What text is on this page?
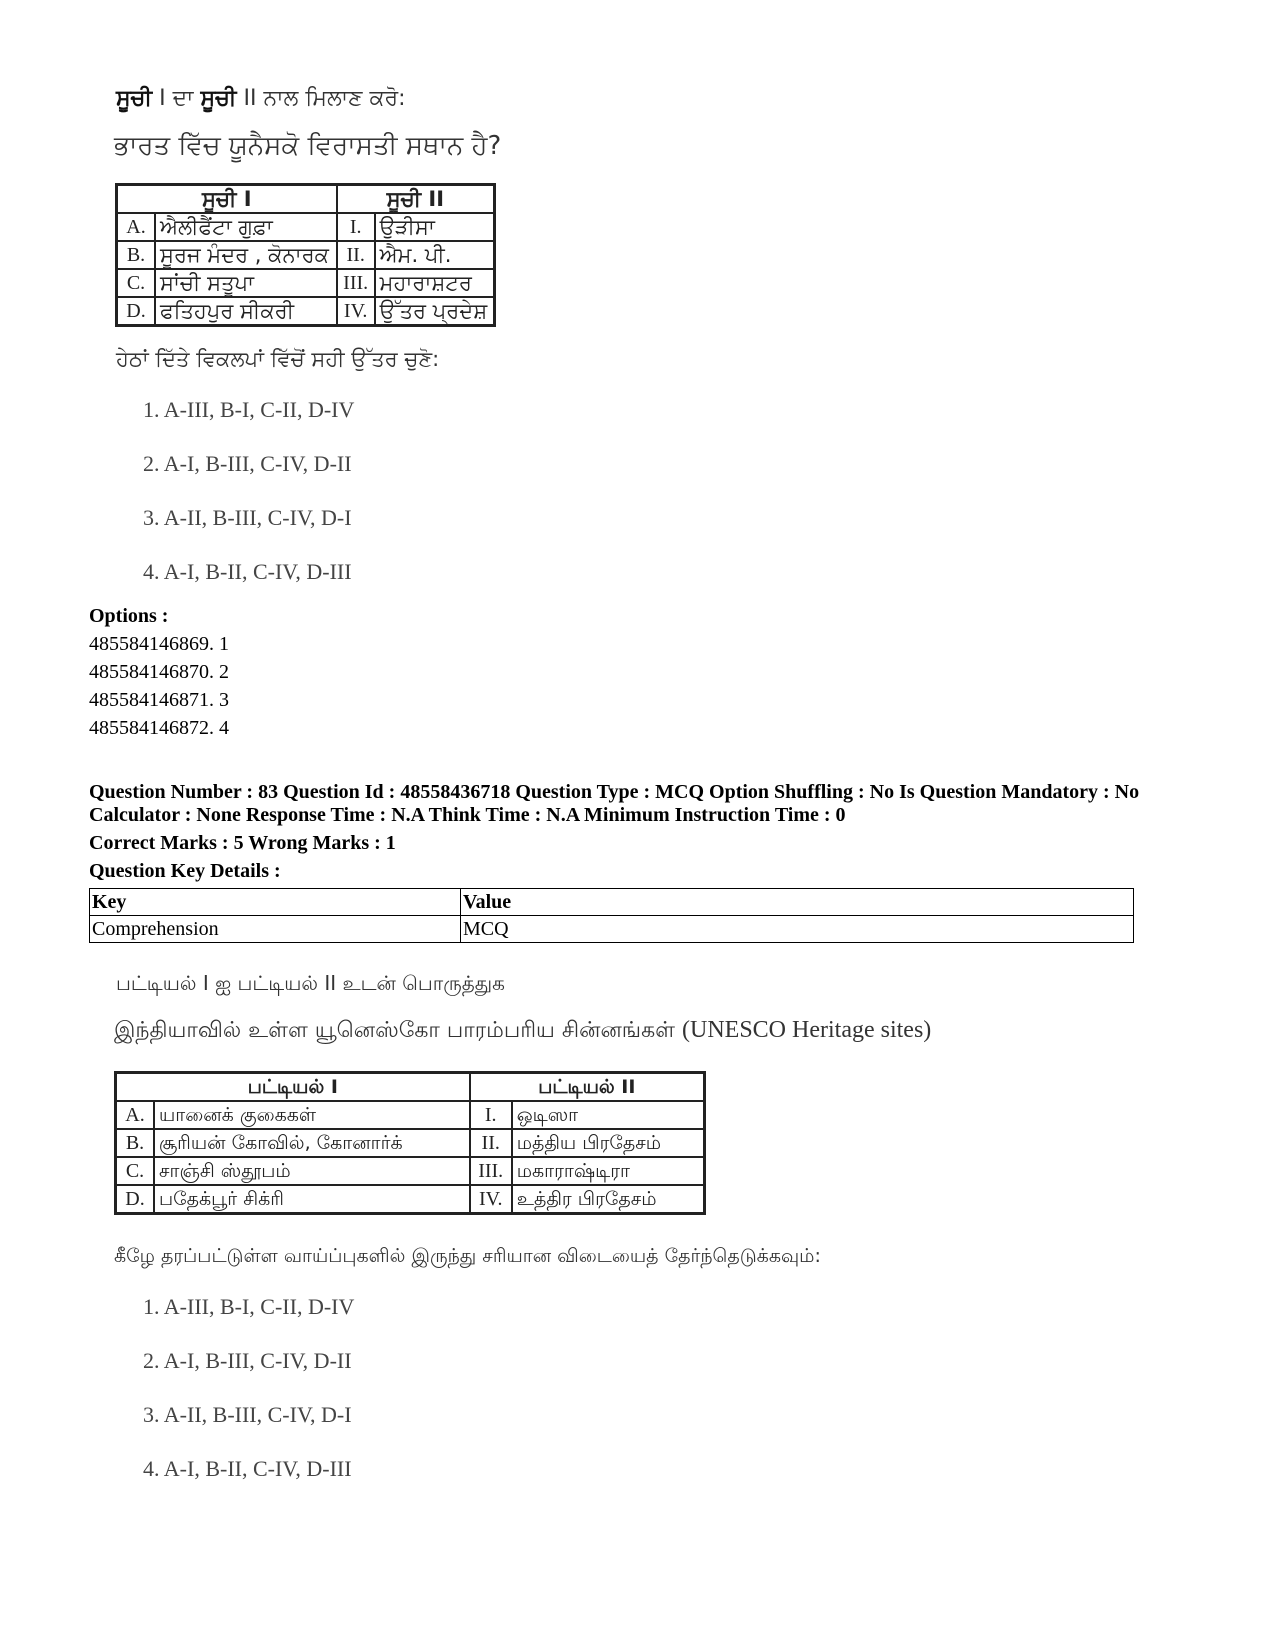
ਸੂਚੀ I ਦਾ ਸੂਚੀ II ਨਾਲ ਮਿਲਾਣ ਕਰੋ:
ਭਾਰਤ ਵਿੱਚ ਯੂਨੈਸਕੋ ਵਿਰਾਸਤੀ ਸਥਾਨ ਹੈ?
ਸੂਚੀ I		ਸੂਚੀ II	
A.	ਐਲੀਫੈਂਟਾ ਗੁਫ਼ਾ	I.	ਉੜੀਸਾ
B.	ਸੂਰਜ ਮੰਦਰ , ਕੋਨਾਰਕ	II.	ਐਮ. ਪੀ.
C.	ਸਾਂਚੀ ਸਤੂਪਾ	III.	ਮਹਾਰਾਸ਼ਟਰ
D.	ਫਤਿਹਪੁਰ ਸੀਕਰੀ	IV.	ਉੱਤਰ ਪ੍ਰਦੇਸ਼
ਹੇਠਾਂ ਦਿੱਤੇ ਵਿਕਲਪਾਂ ਵਿੱਚੋਂ ਸਹੀ ਉੱਤਰ ਚੁਣੋ:
1. A-III, B-I, C-II, D-IV
2. A-I, B-III, C-IV, D-II
3. A-II, B-III, C-IV, D-I
4. A-I, B-II, C-IV, D-III
Options :
485584146869. 1
485584146870. 2
485584146871. 3
485584146872. 4
Question Number : 83 Question Id : 48558436718 Question Type : MCQ Option Shuffling : No Is Question Mandatory : No Calculator : None Response Time : N.A Think Time : N.A Minimum Instruction Time : 0
Correct Marks : 5 Wrong Marks : 1
Question Key Details :
Key	Value
Comprehension	MCQ
பட்டியல் I ஐ பட்டியல் II உடன் பொருத்துக
இந்தியாவில் உள்ள யூனெஸ்கோ பாரம்பரிய சின்னங்கள் (UNESCO Heritage sites)
பட்டியல் I		பட்டியல் II	
A.	யானைக் குகைகள்	I.	ஒடிஸா
B.	சூரியன் கோவில், கோனார்க்	II.	மத்திய பிரதேசம்
C.	சாஞ்சி ஸ்தூபம்	III.	மகாராஷ்டிரா
D.	பதேக்பூர் சிக்ரி	IV.	உத்திர பிரதேசம்
கீழே தரப்பட்டுள்ள வாய்ப்புகளில் இருந்து சரியான விடையைத் தேர்ந்தெடுக்கவும்:
1. A-III, B-I, C-II, D-IV
2. A-I, B-III, C-IV, D-II
3. A-II, B-III, C-IV, D-I
4. A-I, B-II, C-IV, D-III
